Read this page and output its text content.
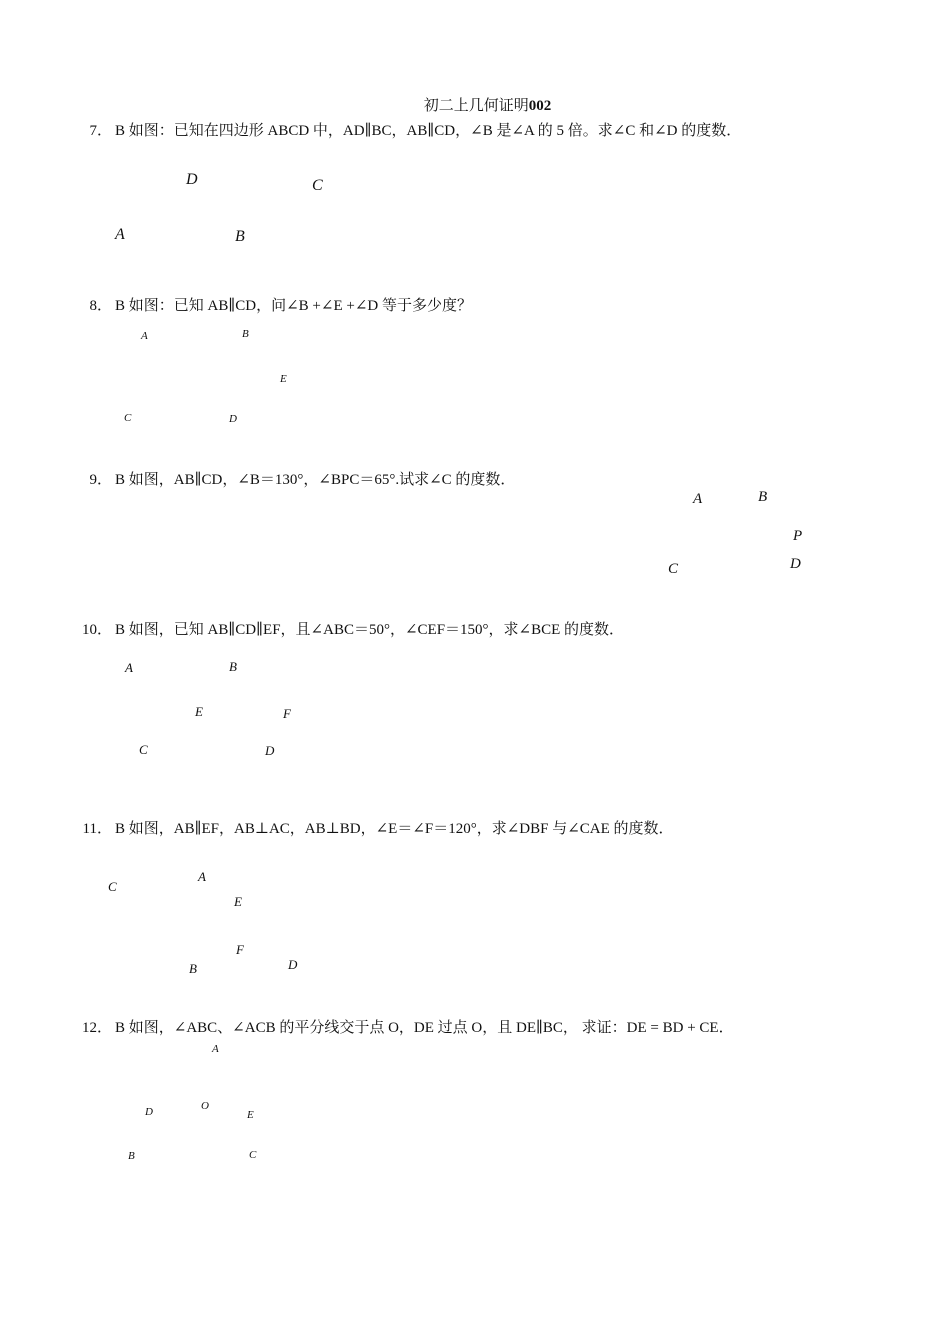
初二上几何证明002
7． B 如图：已知在四边形 ABCD 中，AD∥BC，AB∥CD，∠B 是∠A 的 5 倍。求∠C 和∠D 的度数．
D	C
A	B
8． B 如图：已知 AB∥CD，问∠B +∠E +∠D 等于多少度？
A	B
E
C	D
9． B 如图，AB∥CD，∠B＝130°，∠BPC＝65°.试求∠C 的度数．
A	B
P
C	D
10． B 如图，已知 AB∥CD∥EF，且∠ABC＝50°，∠CEF＝150°，求∠BCE 的度数．
A	B
E	F
C	D
11． B 如图，AB∥EF，AB⊥AC，AB⊥BD，∠E＝∠F＝120°，求∠DBF 与∠CAE 的度数．
C
A
E
F
B	D
12． B 如图，∠ABC、∠ACB 的平分线交于点 O，DE 过点 O，且 DE∥BC， 求证：DE = BD + CE．
A
D	O
E
B	C
